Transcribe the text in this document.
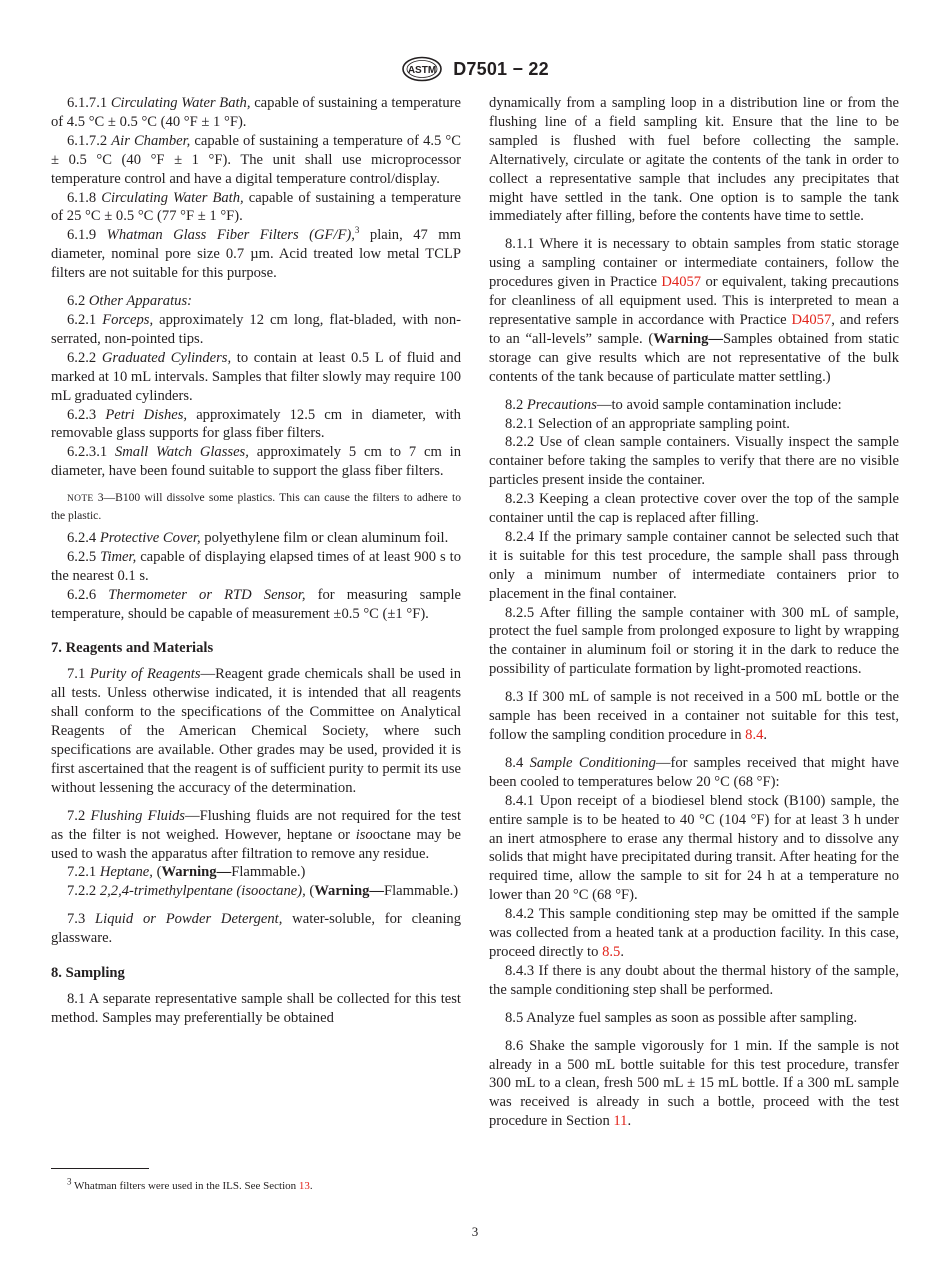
ASTM D7501 − 22
6.1.7.1 Circulating Water Bath, capable of sustaining a temperature of 4.5 °C ± 0.5 °C (40 °F ± 1 °F).
6.1.7.2 Air Chamber, capable of sustaining a temperature of 4.5 °C ± 0.5 °C (40 °F ± 1 °F). The unit shall use microprocessor temperature control and have a digital temperature control/display.
6.1.8 Circulating Water Bath, capable of sustaining a temperature of 25 °C ± 0.5 °C (77 °F ± 1 °F).
6.1.9 Whatman Glass Fiber Filters (GF/F),$^3$ plain, 47 mm diameter, nominal pore size 0.7 µm. Acid treated low metal TCLP filters are not suitable for this purpose.
6.2 Other Apparatus:
6.2.1 Forceps, approximately 12 cm long, flat-bladed, with non-serrated, non-pointed tips.
6.2.2 Graduated Cylinders, to contain at least 0.5 L of fluid and marked at 10 mL intervals. Samples that filter slowly may require 100 mL graduated cylinders.
6.2.3 Petri Dishes, approximately 12.5 cm in diameter, with removable glass supports for glass fiber filters.
6.2.3.1 Small Watch Glasses, approximately 5 cm to 7 cm in diameter, have been found suitable to support the glass fiber filters.
NOTE 3—B100 will dissolve some plastics. This can cause the filters to adhere to the plastic.
6.2.4 Protective Cover, polyethylene film or clean aluminum foil.
6.2.5 Timer, capable of displaying elapsed times of at least 900 s to the nearest 0.1 s.
6.2.6 Thermometer or RTD Sensor, for measuring sample temperature, should be capable of measurement ±0.5 °C (±1 °F).
7. Reagents and Materials
7.1 Purity of Reagents—Reagent grade chemicals shall be used in all tests. Unless otherwise indicated, it is intended that all reagents shall conform to the specifications of the Committee on Analytical Reagents of the American Chemical Society, where such specifications are available. Other grades may be used, provided it is first ascertained that the reagent is of sufficient purity to permit its use without lessening the accuracy of the determination.
7.2 Flushing Fluids—Flushing fluids are not required for the test as the filter is not weighed. However, heptane or isooctane may be used to wash the apparatus after filtration to remove any residue.
7.2.1 Heptane, (Warning—Flammable.)
7.2.2 2,2,4-trimethylpentane (isooctane), (Warning—Flammable.)
7.3 Liquid or Powder Detergent, water-soluble, for cleaning glassware.
8. Sampling
8.1 A separate representative sample shall be collected for this test method. Samples may preferentially be obtained
dynamically from a sampling loop in a distribution line or from the flushing line of a field sampling kit. Ensure that the line to be sampled is flushed with fuel before collecting the sample. Alternatively, circulate or agitate the contents of the tank in order to collect a representative sample that includes any precipitates that might have settled in the tank. One option is to sample the tank immediately after filling, before the contents have time to settle.
8.1.1 Where it is necessary to obtain samples from static storage using a sampling container or intermediate containers, follow the procedures given in Practice D4057 or equivalent, taking precautions for cleanliness of all equipment used. This is interpreted to mean a representative sample in accordance with Practice D4057, and refers to an “all-levels” sample. (Warning—Samples obtained from static storage can give results which are not representative of the bulk contents of the tank because of particulate matter settling.)
8.2 Precautions—to avoid sample contamination include:
8.2.1 Selection of an appropriate sampling point.
8.2.2 Use of clean sample containers. Visually inspect the sample container before taking the samples to verify that there are no visible particles present inside the container.
8.2.3 Keeping a clean protective cover over the top of the sample container until the cap is replaced after filling.
8.2.4 If the primary sample container cannot be selected such that it is suitable for this test procedure, the sample shall pass through only a minimum number of intermediate containers prior to placement in the final container.
8.2.5 After filling the sample container with 300 mL of sample, protect the fuel sample from prolonged exposure to light by wrapping the container in aluminum foil or storing it in the dark to reduce the possibility of particulate formation by light-promoted reactions.
8.3 If 300 mL of sample is not received in a 500 mL bottle or the sample has been received in a container not suitable for this test, follow the sampling condition procedure in 8.4.
8.4 Sample Conditioning—for samples received that might have been cooled to temperatures below 20 °C (68 °F):
8.4.1 Upon receipt of a biodiesel blend stock (B100) sample, the entire sample is to be heated to 40 °C (104 °F) for at least 3 h under an inert atmosphere to erase any thermal history and to dissolve any solids that might have precipitated during transit. After heating for the required time, allow the sample to sit for 24 h at a temperature no lower than 20 °C (68 °F).
8.4.2 This sample conditioning step may be omitted if the sample was collected from a heated tank at a production facility. In this case, proceed directly to 8.5.
8.4.3 If there is any doubt about the thermal history of the sample, the sample conditioning step shall be performed.
8.5 Analyze fuel samples as soon as possible after sampling.
8.6 Shake the sample vigorously for 1 min. If the sample is not already in a 500 mL bottle suitable for this test procedure, transfer 300 mL to a clean, fresh 500 mL ± 15 mL bottle. If a 300 mL sample was received is already in such a bottle, proceed with the test procedure in Section 11.
$^3$ Whatman filters were used in the ILS. See Section 13.
3
